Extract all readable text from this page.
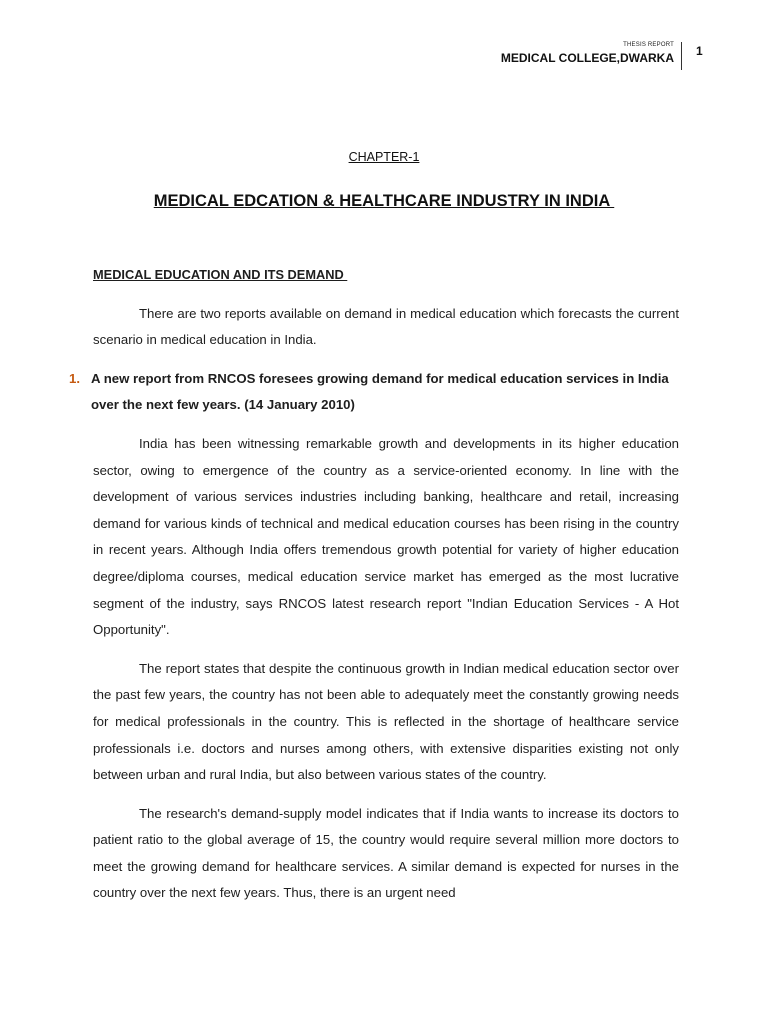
THESIS REPORT
MEDICAL COLLEGE,DWARKA 1
CHAPTER-1
MEDICAL EDCATION & HEALTHCARE INDUSTRY IN INDIA
MEDICAL EDUCATION AND ITS DEMAND

There are two reports available on demand in medical education which forecasts the current scenario in medical education in India.

1. A new report from RNCOS foresees growing demand for medical education services in India over the next few years. (14 January 2010)

India has been witnessing remarkable growth and developments in its higher education sector, owing to emergence of the country as a service-oriented economy. In line with the development of various services industries including banking, healthcare and retail, increasing demand for various kinds of technical and medical education courses has been rising in the country in recent years. Although India offers tremendous growth potential for variety of higher education degree/diploma courses, medical education service market has emerged as the most lucrative segment of the industry, says RNCOS latest research report "Indian Education Services - A Hot Opportunity".

The report states that despite the continuous growth in Indian medical education sector over the past few years, the country has not been able to adequately meet the constantly growing needs for medical professionals in the country. This is reflected in the shortage of healthcare service professionals i.e. doctors and nurses among others, with extensive disparities existing not only between urban and rural India, but also between various states of the country.

The research's demand-supply model indicates that if India wants to increase its doctors to patient ratio to the global average of 15, the country would require several million more doctors to meet the growing demand for healthcare services. A similar demand is expected for nurses in the country over the next few years. Thus, there is an urgent need
